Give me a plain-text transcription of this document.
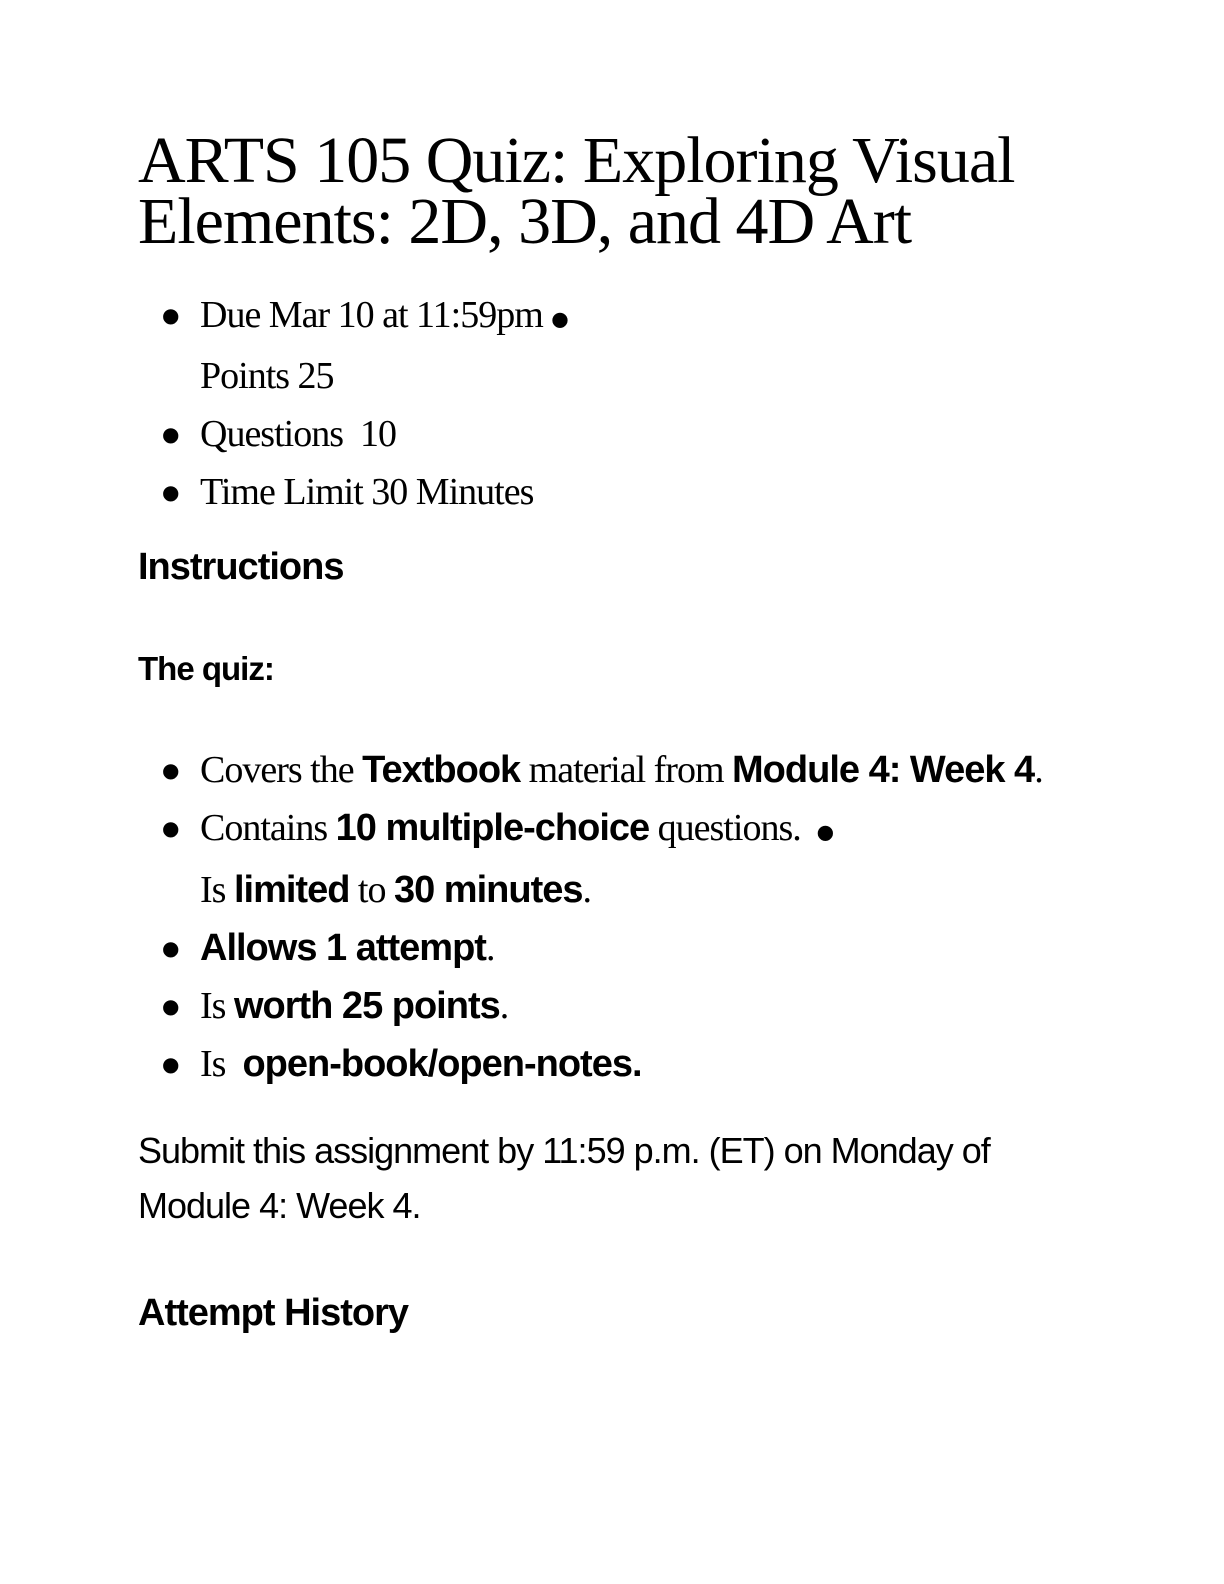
ARTS 105 Quiz: Exploring Visual Elements: 2D, 3D, and 4D Art
● Due Mar 10 at 11:59pm ●
Points 25
● Questions  10
● Time Limit 30 Minutes
Instructions
The quiz:
● Covers the Textbook material from Module 4: Week 4.
● Contains 10 multiple-choice questions.  ●
Is limited to 30 minutes.
● Allows 1 attempt.
● Is worth 25 points.
● Is  open-book/open-notes.

Submit this assignment by 11:59 p.m. (ET) on Monday of Module 4: Week 4.

Attempt History
